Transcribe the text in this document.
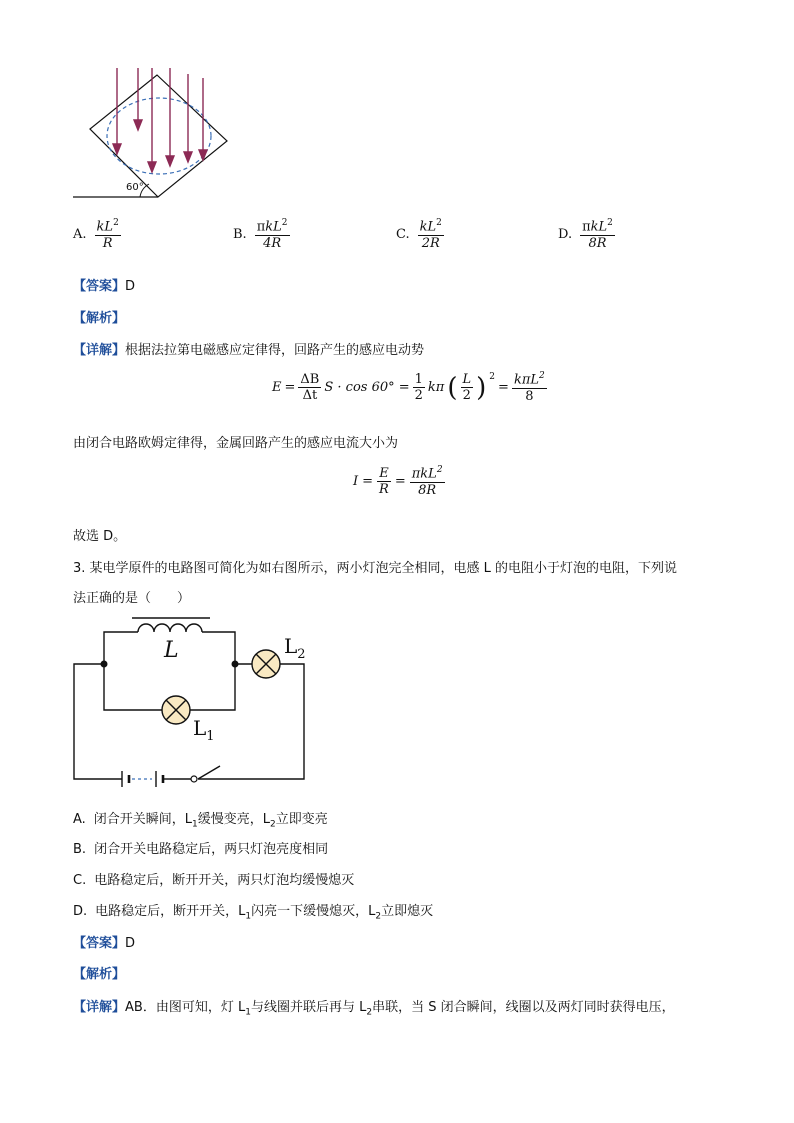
60°
A. $\frac{kL^2}{R}$	B. $\frac{\pi kL^2}{4R}$	C. $\frac{kL^2}{2R}$	D. $\frac{\pi kL^2}{8R}$
【答案】D
【解析】
【详解】根据法拉第电磁感应定律得，回路产生的感应电动势
$E = \frac{\Delta B}{\Delta t}$ $S \cdot \cos 60^\circ = \frac{1}{2}$ kπ ( $\frac{L}{2}$ ) $^2$
= $\frac{k\pi L^2}{8}$
由闭合电路欧姆定律得，金属回路产生的感应电流大小为
$I = \frac{E}{R} = \frac{\pi kL^2}{8R}$
故选 D。
3. 某电学原件的电路图可简化为如右图所示，两小灯泡完全相同，电感 L 的电阻小于灯泡的电阻，下列说
法正确的是（　　）
L
$L_1$
$L_2$
A. 闭合开关瞬间，$L_1$缓慢变亮，$L_2$立即变亮
B. 闭合开关电路稳定后，两只灯泡亮度相同
C. 电路稳定后，断开开关，两只灯泡均缓慢熄灭
D. 电路稳定后，断开开关，$L_1$闪亮一下缓慢熄灭，$L_2$立即熄灭
【答案】D
【解析】
【详解】AB．由图可知，灯 $L_1$与线圈并联后再与 $L_2$串联，当 S 闭合瞬间，线圈以及两灯同时获得电压，
